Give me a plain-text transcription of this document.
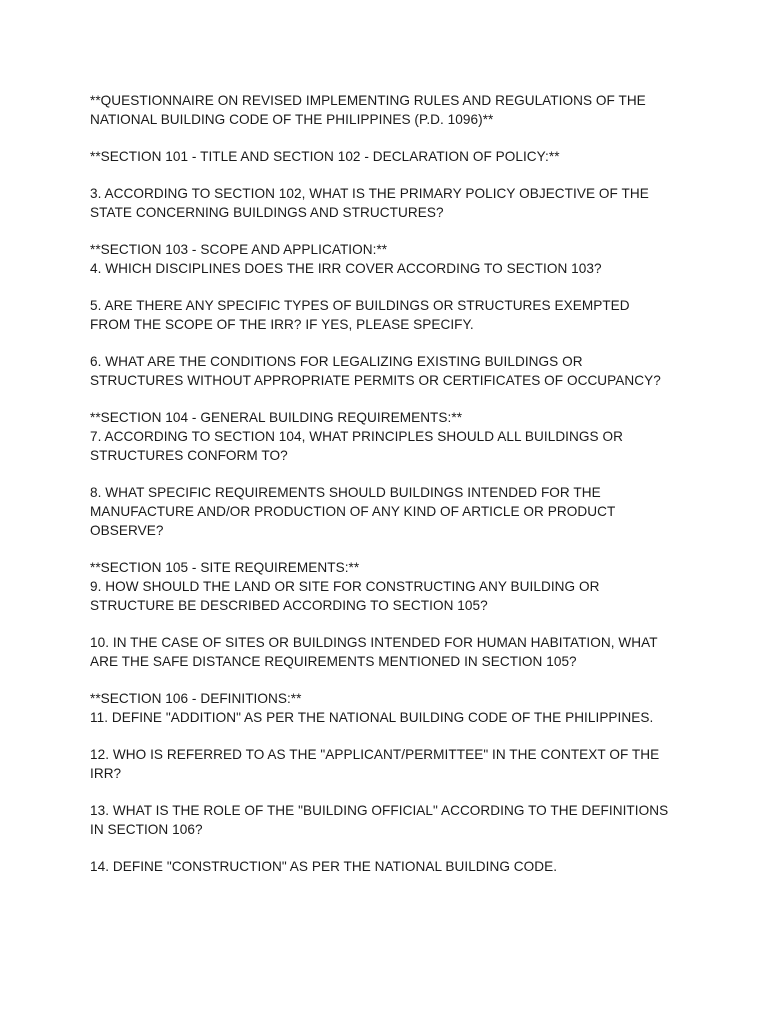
**QUESTIONNAIRE ON REVISED IMPLEMENTING RULES AND REGULATIONS OF THE
NATIONAL BUILDING CODE OF THE PHILIPPINES (P.D. 1096)**
**SECTION 101 - TITLE AND SECTION 102 - DECLARATION OF POLICY:**
3. ACCORDING TO SECTION 102, WHAT IS THE PRIMARY POLICY OBJECTIVE OF THE
STATE CONCERNING BUILDINGS AND STRUCTURES?
**SECTION 103 - SCOPE AND APPLICATION:**
4. WHICH DISCIPLINES DOES THE IRR COVER ACCORDING TO SECTION 103?
5. ARE THERE ANY SPECIFIC TYPES OF BUILDINGS OR STRUCTURES EXEMPTED
FROM THE SCOPE OF THE IRR? IF YES, PLEASE SPECIFY.
6. WHAT ARE THE CONDITIONS FOR LEGALIZING EXISTING BUILDINGS OR
STRUCTURES WITHOUT APPROPRIATE PERMITS OR CERTIFICATES OF OCCUPANCY?
**SECTION 104 - GENERAL BUILDING REQUIREMENTS:**
7. ACCORDING TO SECTION 104, WHAT PRINCIPLES SHOULD ALL BUILDINGS OR
STRUCTURES CONFORM TO?
8. WHAT SPECIFIC REQUIREMENTS SHOULD BUILDINGS INTENDED FOR THE
MANUFACTURE AND/OR PRODUCTION OF ANY KIND OF ARTICLE OR PRODUCT
OBSERVE?
**SECTION 105 - SITE REQUIREMENTS:**
9. HOW SHOULD THE LAND OR SITE FOR CONSTRUCTING ANY BUILDING OR
STRUCTURE BE DESCRIBED ACCORDING TO SECTION 105?
10. IN THE CASE OF SITES OR BUILDINGS INTENDED FOR HUMAN HABITATION, WHAT
ARE THE SAFE DISTANCE REQUIREMENTS MENTIONED IN SECTION 105?
**SECTION 106 - DEFINITIONS:**
11. DEFINE "ADDITION" AS PER THE NATIONAL BUILDING CODE OF THE PHILIPPINES.
12. WHO IS REFERRED TO AS THE "APPLICANT/PERMITTEE" IN THE CONTEXT OF THE
IRR?
13. WHAT IS THE ROLE OF THE "BUILDING OFFICIAL" ACCORDING TO THE DEFINITIONS
IN SECTION 106?
14. DEFINE "CONSTRUCTION" AS PER THE NATIONAL BUILDING CODE.
